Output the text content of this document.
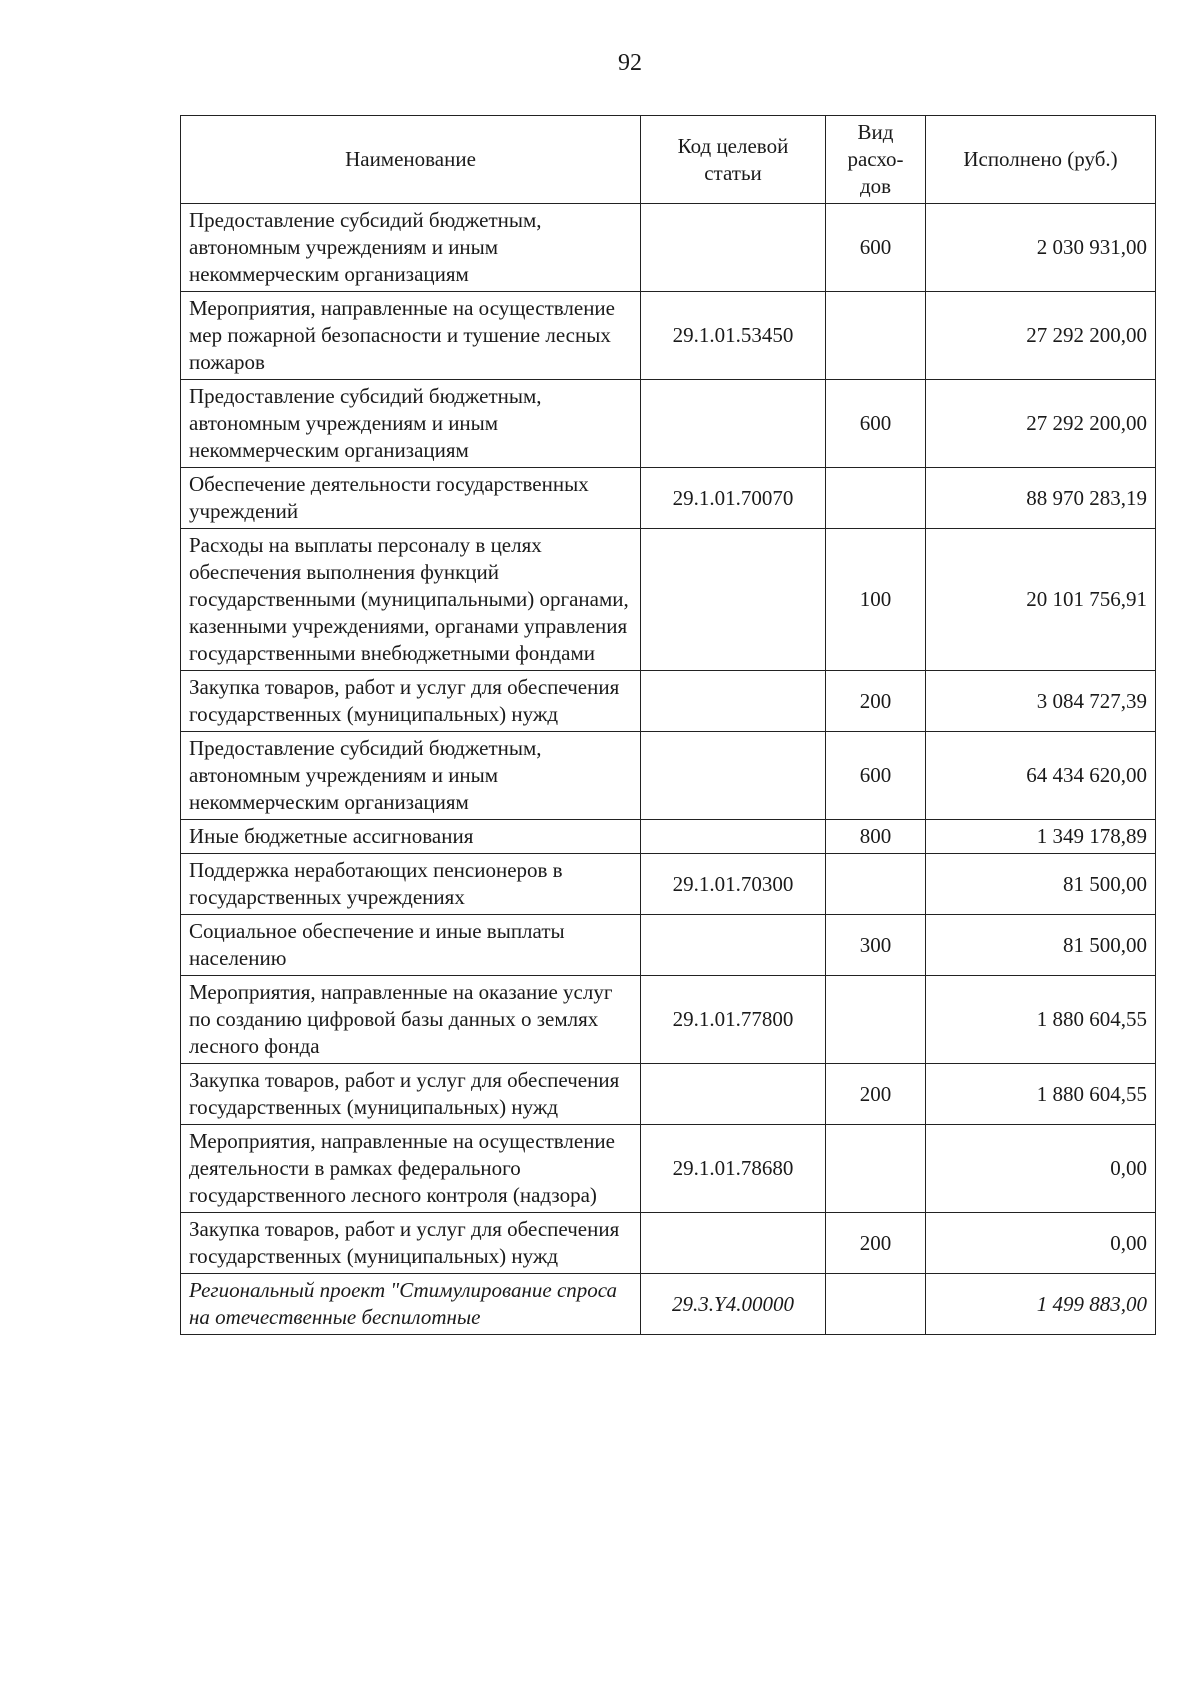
92
Наименование	Код целевой статьи	Вид расхо-дов	Исполнено (руб.)
Предоставление субсидий бюджетным, автономным учреждениям и иным некоммерческим организациям		600	2 030 931,00
Мероприятия, направленные на осуществление мер пожарной безопасности и тушение лесных пожаров	29.1.01.53450		27 292 200,00
Предоставление субсидий бюджетным, автономным учреждениям и иным некоммерческим организациям		600	27 292 200,00
Обеспечение деятельности государственных учреждений	29.1.01.70070		88 970 283,19
Расходы на выплаты персоналу в целях обеспечения выполнения функций государственными (муниципальными) органами, казенными учреждениями, органами управления государственными внебюджетными фондами		100	20 101 756,91
Закупка товаров, работ и услуг для обеспечения государственных (муниципальных) нужд		200	3 084 727,39
Предоставление субсидий бюджетным, автономным учреждениям и иным некоммерческим организациям		600	64 434 620,00
Иные бюджетные ассигнования		800	1 349 178,89
Поддержка неработающих пенсионеров в государственных учреждениях	29.1.01.70300		81 500,00
Социальное обеспечение и иные выплаты населению		300	81 500,00
Мероприятия, направленные на оказание услуг по созданию цифровой базы данных о землях лесного фонда	29.1.01.77800		1 880 604,55
Закупка товаров, работ и услуг для обеспечения государственных (муниципальных) нужд		200	1 880 604,55
Мероприятия, направленные на осуществление деятельности в рамках федерального государственного лесного контроля (надзора)	29.1.01.78680		0,00
Закупка товаров, работ и услуг для обеспечения государственных (муниципальных) нужд		200	0,00
Региональный проект "Стимулирование спроса на отечественные беспилотные	29.3.Y4.00000		1 499 883,00
